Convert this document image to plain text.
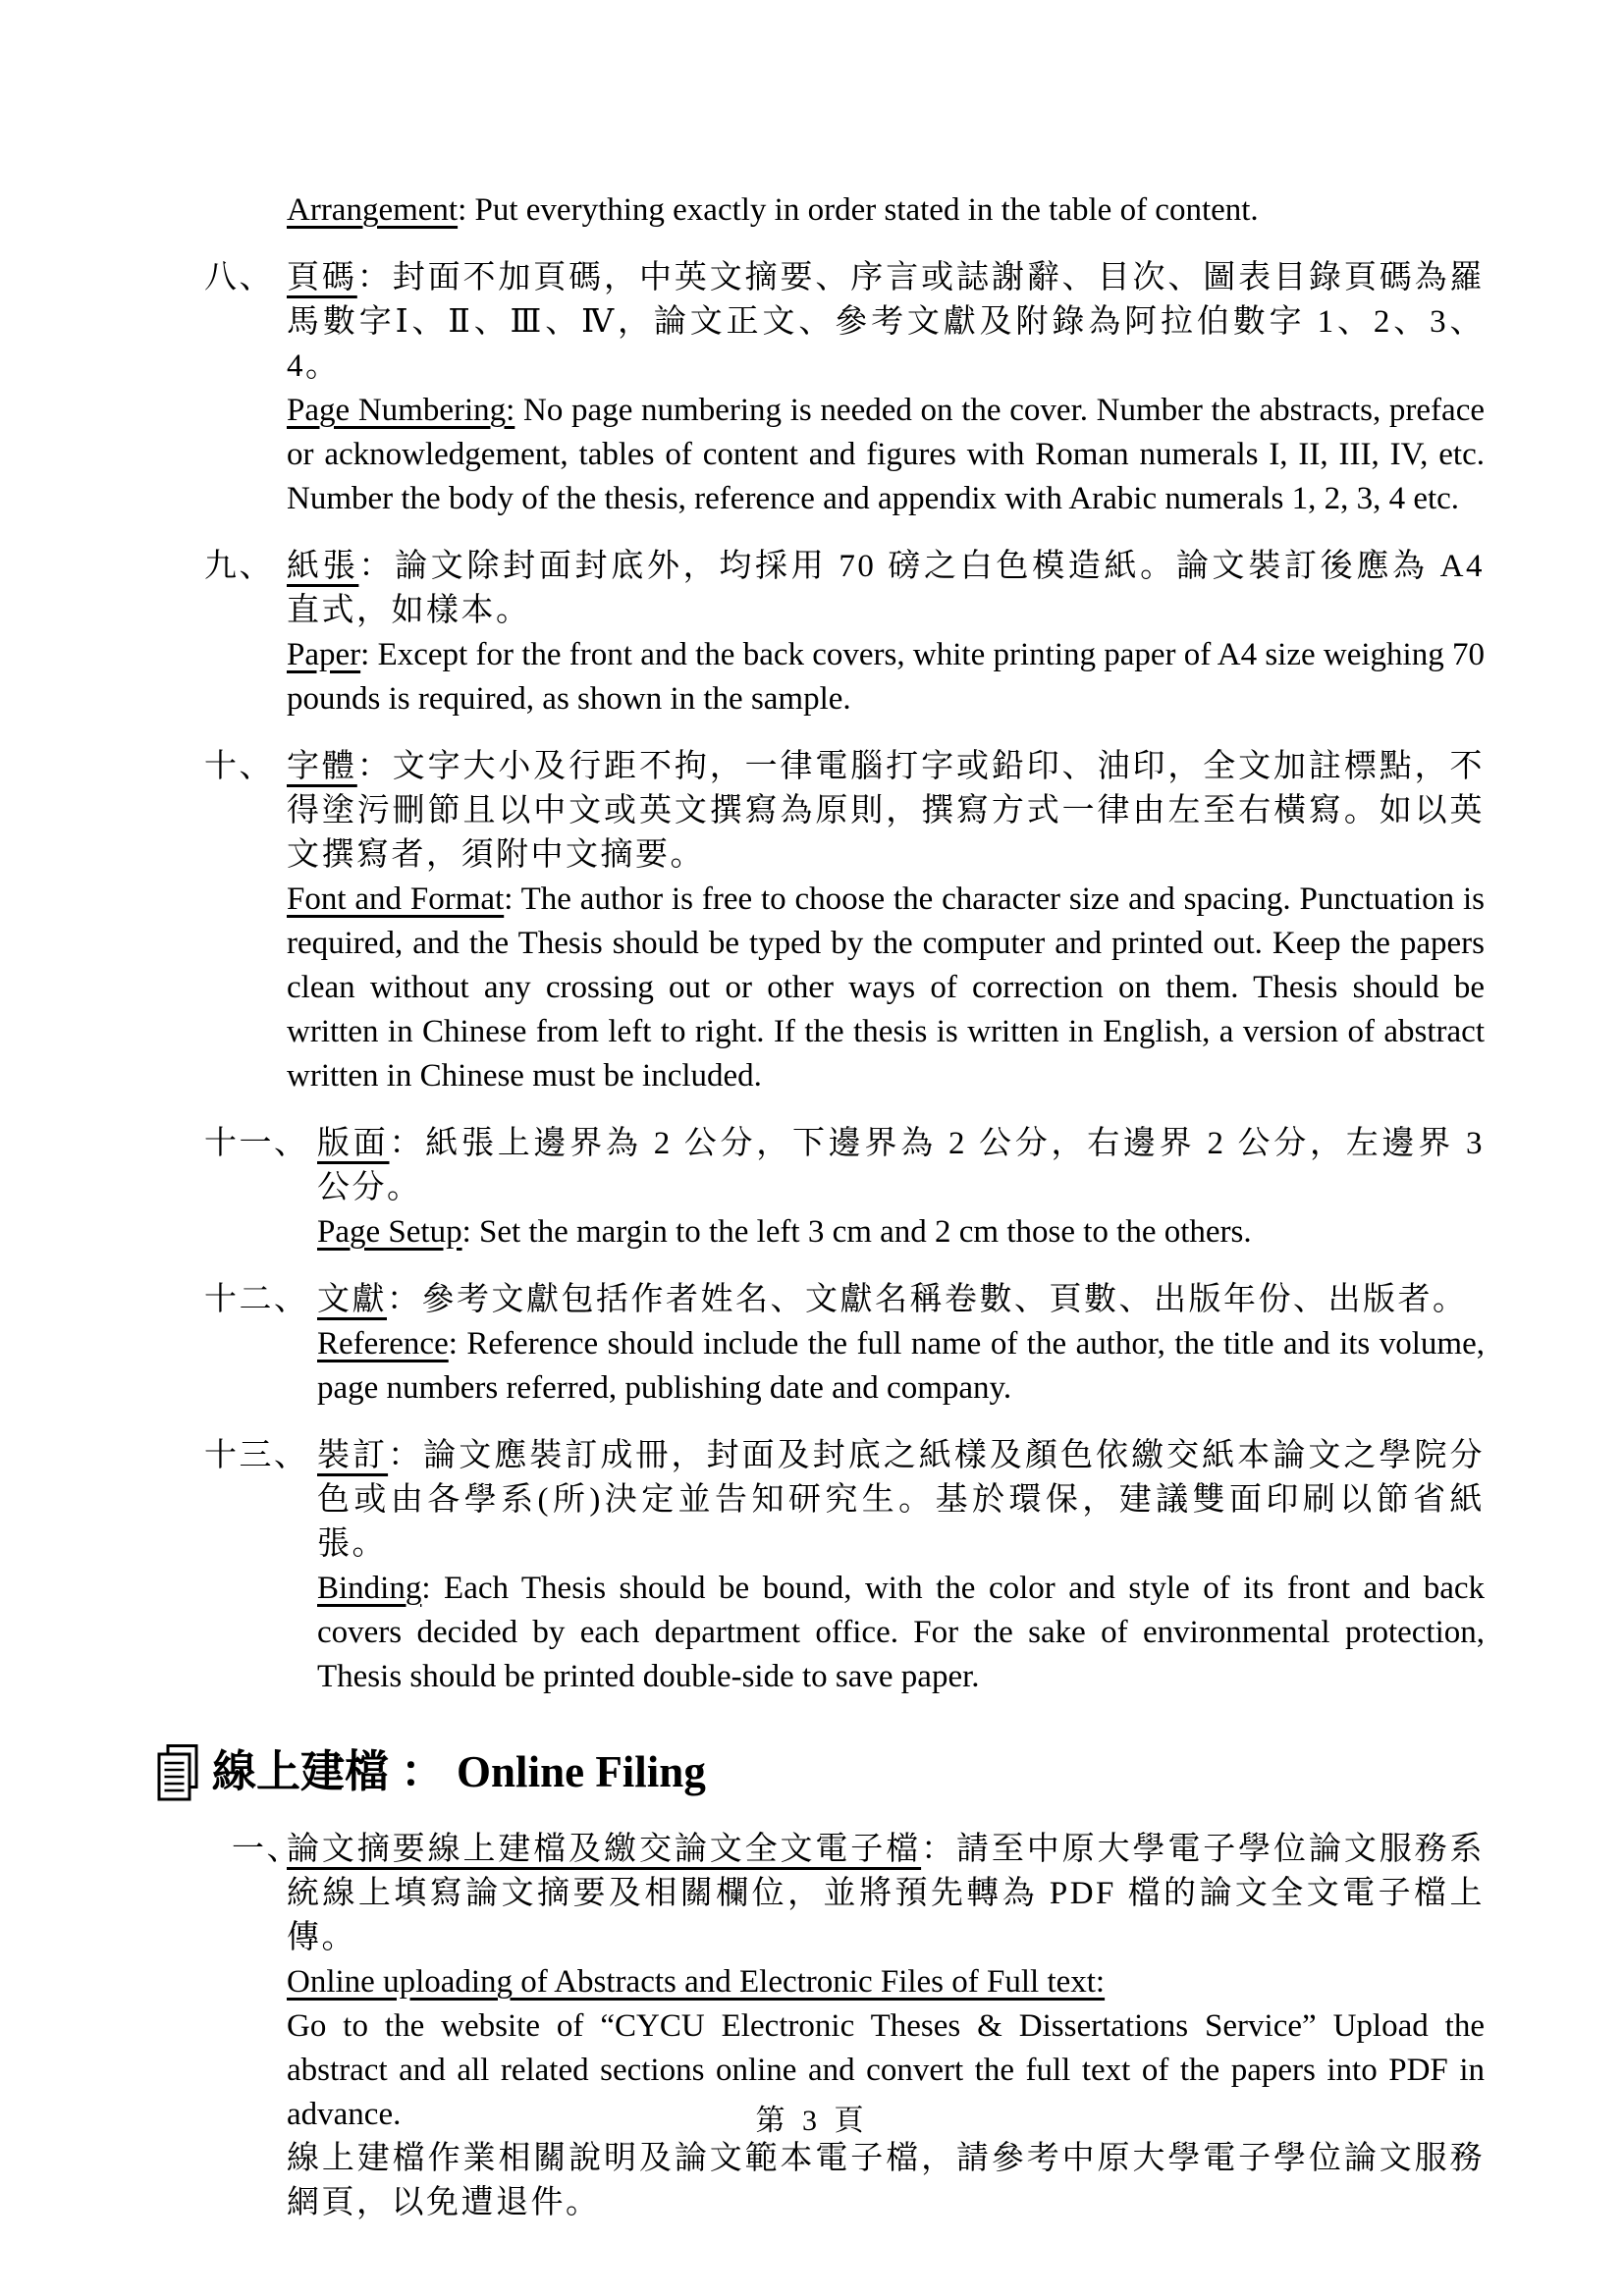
Arrangement: Put everything exactly in order stated in the table of content.

八、 頁碼：封面不加頁碼，中英文摘要、序言或誌謝辭、目次、圖表目錄頁碼為羅馬數字Ⅰ、Ⅱ、Ⅲ、Ⅳ，論文正文、參考文獻及附錄為阿拉伯數字 1、2、3、4。

Page Numbering: No page numbering is needed on the cover. Number the abstracts, preface or acknowledgement, tables of content and figures with Roman numerals I, II, III, IV, etc. Number the body of the thesis, reference and appendix with Arabic numerals 1, 2, 3, 4 etc.

九、 紙張：論文除封面封底外，均採用 70 磅之白色模造紙。論文裝訂後應為 A4 直式，如樣本。

Paper: Except for the front and the back covers, white printing paper of A4 size weighing 70 pounds is required, as shown in the sample.

十、 字體：文字大小及行距不拘，一律電腦打字或鉛印、油印，全文加註標點，不得塗污刪節且以中文或英文撰寫為原則，撰寫方式一律由左至右橫寫。如以英文撰寫者，須附中文摘要。

Font and Format: The author is free to choose the character size and spacing. Punctuation is required, and the Thesis should be typed by the computer and printed out. Keep the papers clean without any crossing out or other ways of correction on them. Thesis should be written in Chinese from left to right. If the thesis is written in English, a version of abstract written in Chinese must be included.

十一、 版面：紙張上邊界為 2 公分，下邊界為 2 公分，右邊界 2 公分，左邊界 3 公分。

Page Setup: Set the margin to the left 3 cm and 2 cm those to the others.

十二、 文獻：參考文獻包括作者姓名、文獻名稱卷數、頁數、出版年份、出版者。

Reference: Reference should include the full name of the author, the title and its volume, page numbers referred, publishing date and company.

十三、 裝訂：論文應裝訂成冊，封面及封底之紙樣及顏色依繳交紙本論文之學院分色或由各學系(所)決定並告知研究生。基於環保，建議雙面印刷以節省紙張。

Binding: Each Thesis should be bound, with the color and style of its front and back covers decided by each department office. For the sake of environmental protection, Thesis should be printed double-side to save paper.

線上建檔 ： Online Filing
一、

論文摘要線上建檔及繳交論文全文電子檔：請至中原大學電子學位論文服務系統線上填寫論文摘要及相關欄位，並將預先轉為 PDF 檔的論文全文電子檔上傳。

Online uploading of Abstracts and Electronic Files of Full text:

Go to the website of “CYCU Electronic Theses & Dissertations Service” Upload the abstract and all related sections online and convert the full text of the papers into PDF in advance.

線上建檔作業相關說明及論文範本電子檔，請參考中原大學電子學位論文服務網頁，以免遭退件。

第 3 頁
